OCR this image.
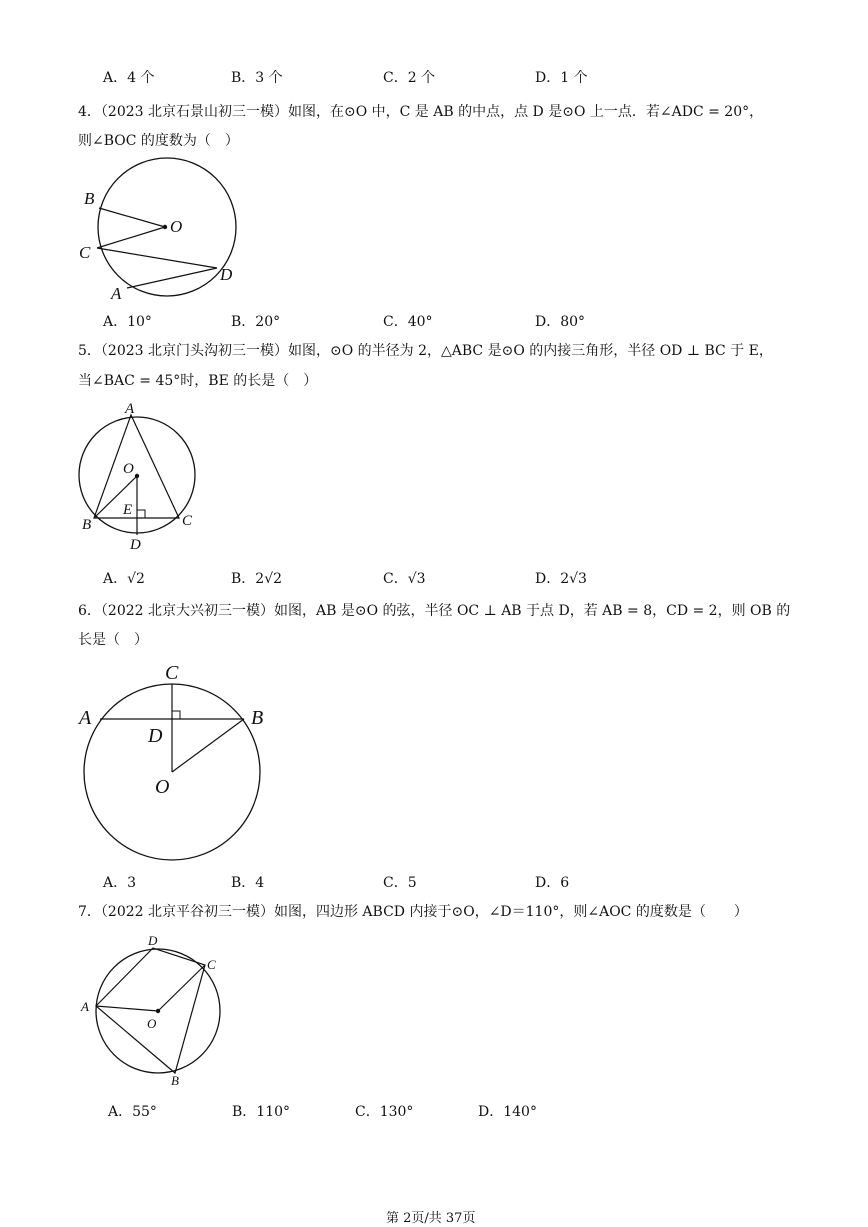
A．4 个	B．3 个	C．2 个	D．1 个
4．（2023 北京石景山初三一模）如图，在⊙O 中，C 是 AB 的中点，点 D 是⊙O 上一点．若∠ADC = 20°，
则∠BOC 的度数为（　）
B
O
C
D
A
A．10°	B．20°	C．40°	D．80°
5．（2023 北京门头沟初三一模）如图，⊙O 的半径为 2，△ABC 是⊙O 的内接三角形，半径 OD ⊥ BC 于 E，
当∠BAC = 45°时，BE 的长是（　）
A
O
E
B	C
D
A．√2	B．2√2	C．√3	D．2√3
6．（2022 北京大兴初三一模）如图，AB 是⊙O 的弦，半径 OC ⊥ AB 于点 D，若 AB = 8，CD = 2，则 OB 的
长是（　）
C
A	B
D
O
A．3	B．4	C．5	D．6
7．（2022 北京平谷初三一模）如图，四边形 ABCD 内接于⊙O，∠D＝110°，则∠AOC 的度数是（　　）
D
C
A
O
B
A．55°	B．110°	C．130°	D．140°
第 2页/共 37页
